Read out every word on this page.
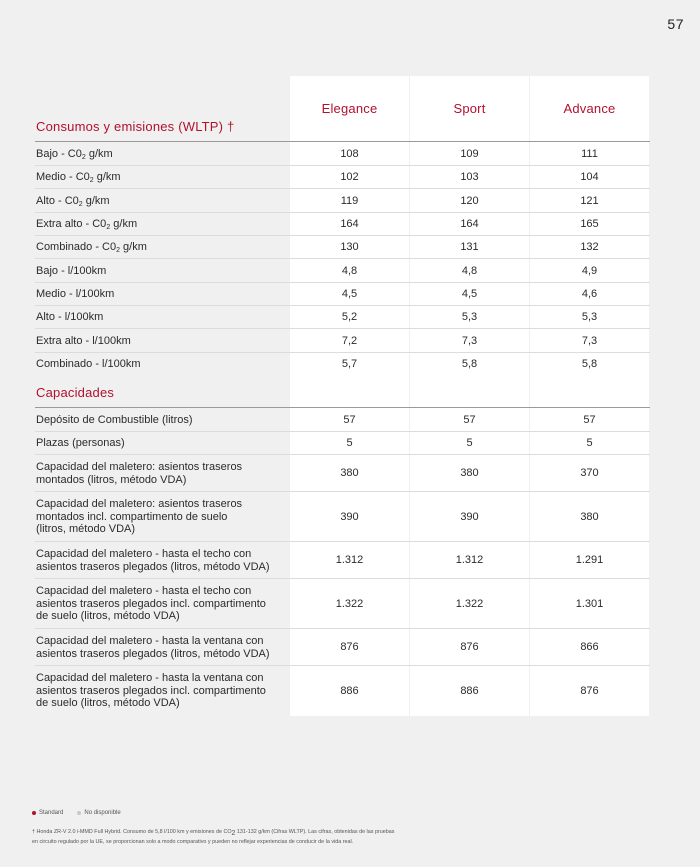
57
Elegance	Sport	Advance
Consumos y emisiones (WLTP) †
Bajo - $C0_2$ g/km	108	109	111
Medio - $C0_2$ g/km	102	103	104
Alto - $C0_2$ g/km	119	120	121
Extra alto - $C0_2$ g/km	164	164	165
Combinado - $C0_2$ g/km	130	131	132
Bajo - l/100km	4,8	4,8	4,9
Medio - l/100km	4,5	4,5	4,6
Alto - l/100km	5,2	5,3	5,3
Extra alto - l/100km	7,2	7,3	7,3
Combinado - l/100km	5,7	5,8	5,8
Capacidades
Depósito de Combustible (litros)	57	57	57
Plazas (personas)	5	5	5
Capacidad del maletero: asientos traseros
montados (litros, método VDA)
380	380	370
Capacidad del maletero: asientos traseros
montados incl. compartimento de suelo
(litros, método VDA)
390	390	380
Capacidad del maletero - hasta el techo con
asientos traseros plegados (litros, método VDA)
1.312	1.312	1.291
Capacidad del maletero - hasta el techo con
asientos traseros plegados incl. compartimento
de suelo (litros, método VDA)
1.322	1.322	1.301
Capacidad del maletero - hasta la ventana con
asientos traseros plegados (litros, método VDA)
876	876	866
Capacidad del maletero - hasta la ventana con
asientos traseros plegados incl. compartimento
de suelo (litros, método VDA)
886	886	876
Standard	No disponible
† Honda ZR-V 2.0 i-MMD Full Hybrid. Consumo de 5,8 l/100 km y emisiones de $CO_2$ 131-132 g/km (Cifras WLTP). Las cifras, obtenidas de las pruebas
en circuito regulado por la UE, se proporcionan solo a modo comparativo y pueden no reflejar experiencias de conducir de la vida real.
